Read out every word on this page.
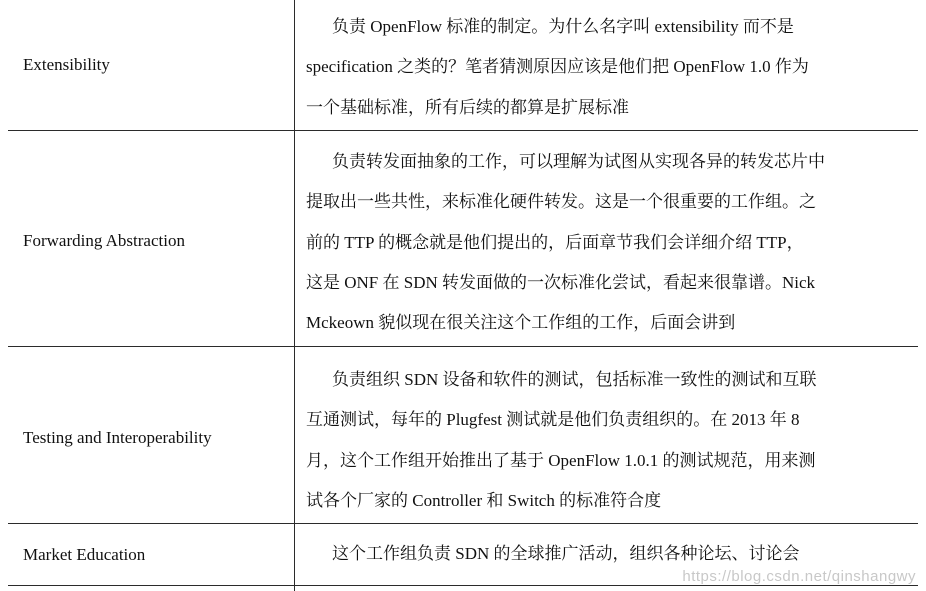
Extensibility
负责 OpenFlow 标准的制定。为什么名字叫 extensibility 而不是
specification 之类的？笔者猜测原因应该是他们把 OpenFlow 1.0 作为
一个基础标准，所有后续的都算是扩展标准
Forwarding Abstraction
负责转发面抽象的工作，可以理解为试图从实现各异的转发芯片中
提取出一些共性，来标准化硬件转发。这是一个很重要的工作组。之
前的 TTP 的概念就是他们提出的，后面章节我们会详细介绍 TTP，
这是 ONF 在 SDN 转发面做的一次标准化尝试，看起来很靠谱。Nick
Mckeown 貌似现在很关注这个工作组的工作，后面会讲到
Testing and Interoperability
负责组织 SDN 设备和软件的测试，包括标准一致性的测试和互联
互通测试，每年的 Plugfest 测试就是他们负责组织的。在 2013 年 8
月，这个工作组开始推出了基于 OpenFlow 1.0.1 的测试规范，用来测
试各个厂家的 Controller 和 Switch 的标准符合度
Market Education	这个工作组负责 SDN 的全球推广活动，组织各种论坛、讨论会
https://blog.csdn.net/qinshangwy
